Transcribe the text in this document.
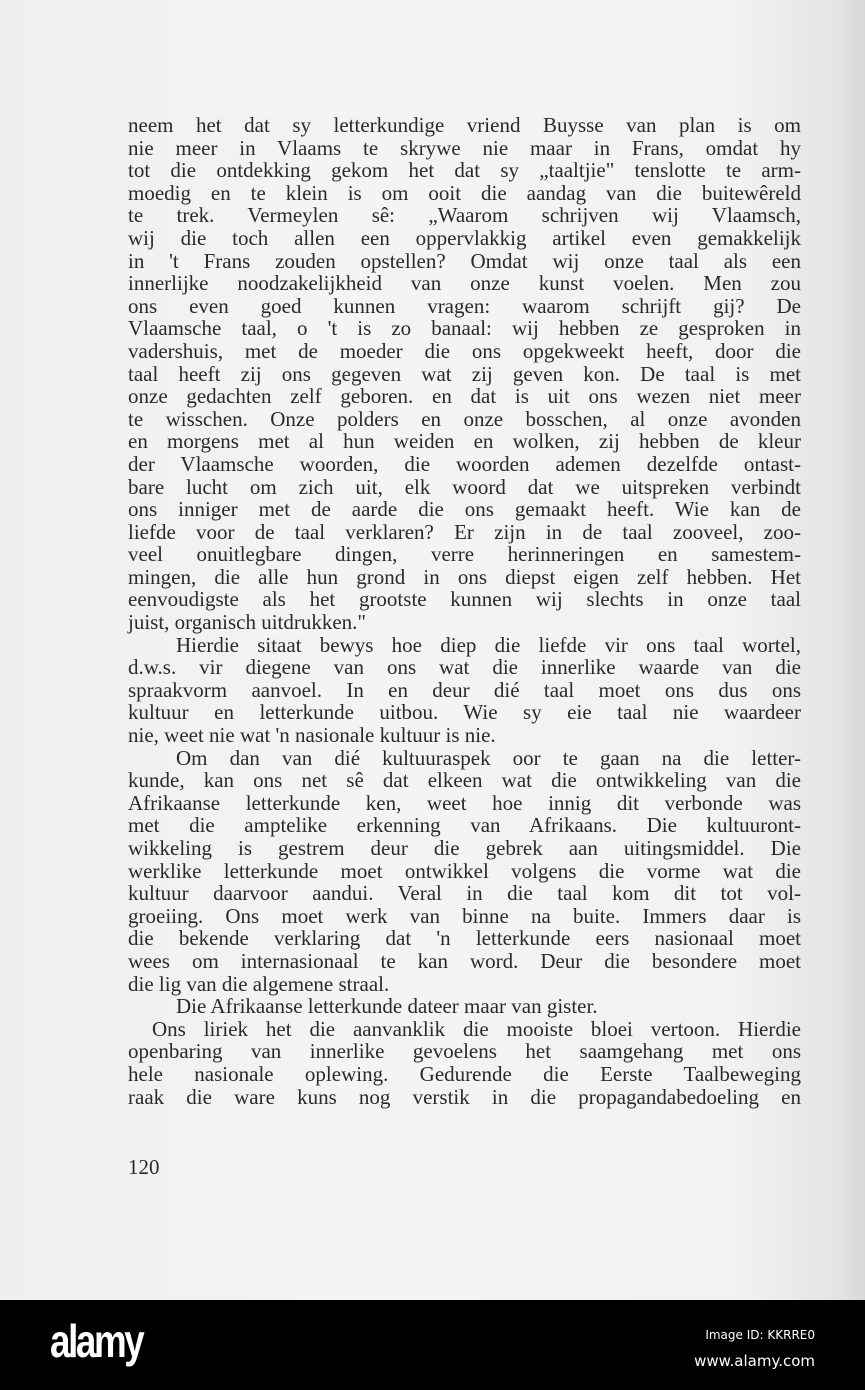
neem het dat sy letterkundige vriend Buysse van plan is om
nie meer in Vlaams te skrywe nie maar in Frans, omdat hy
tot die ontdekking gekom het dat sy „taaltjie" tenslotte te arm-
moedig en te klein is om ooit die aandag van die buitewêreld
te trek. Vermeylen sê: „Waarom schrijven wij Vlaamsch,
wij die toch allen een oppervlakkig artikel even gemakkelijk
in 't Frans zouden opstellen? Omdat wij onze taal als een
innerlijke noodzakelijkheid van onze kunst voelen. Men zou
ons even goed kunnen vragen: waarom schrijft gij? De
Vlaamsche taal, o 't is zo banaal: wij hebben ze gesproken in
vadershuis, met de moeder die ons opgekweekt heeft, door die
taal heeft zij ons gegeven wat zij geven kon. De taal is met
onze gedachten zelf geboren. en dat is uit ons wezen niet meer
te wisschen. Onze polders en onze bosschen, al onze avonden
en morgens met al hun weiden en wolken, zij hebben de kleur
der Vlaamsche woorden, die woorden ademen dezelfde ontast-
bare lucht om zich uit, elk woord dat we uitspreken verbindt
ons inniger met de aarde die ons gemaakt heeft. Wie kan de
liefde voor de taal verklaren? Er zijn in de taal zooveel, zoo-
veel onuitlegbare dingen, verre herinneringen en samestem-
mingen, die alle hun grond in ons diepst eigen zelf hebben. Het
eenvoudigste als het grootste kunnen wij slechts in onze taal
juist, organisch uitdrukken."
Hierdie sitaat bewys hoe diep die liefde vir ons taal wortel,
d.w.s. vir diegene van ons wat die innerlike waarde van die
spraakvorm aanvoel. In en deur dié taal moet ons dus ons
kultuur en letterkunde uitbou. Wie sy eie taal nie waardeer
nie, weet nie wat 'n nasionale kultuur is nie.
Om dan van dié kultuuraspek oor te gaan na die letter-
kunde, kan ons net sê dat elkeen wat die ontwikkeling van die
Afrikaanse letterkunde ken, weet hoe innig dit verbonde was
met die amptelike erkenning van Afrikaans. Die kultuuront-
wikkeling is gestrem deur die gebrek aan uitingsmiddel. Die
werklike letterkunde moet ontwikkel volgens die vorme wat die
kultuur daarvoor aandui. Veral in die taal kom dit tot vol-
groeiing. Ons moet werk van binne na buite. Immers daar is
die bekende verklaring dat 'n letterkunde eers nasionaal moet
wees om internasionaal te kan word. Deur die besondere moet
die lig van die algemene straal.
Die Afrikaanse letterkunde dateer maar van gister.
Ons liriek het die aanvanklik die mooiste bloei vertoon. Hierdie
openbaring van innerlike gevoelens het saamgehang met ons
hele nasionale oplewing. Gedurende die Eerste Taalbeweging
raak die ware kuns nog verstik in die propagandabedoeling en
120
alamy	Image ID: KKRRE0
www.alamy.com
